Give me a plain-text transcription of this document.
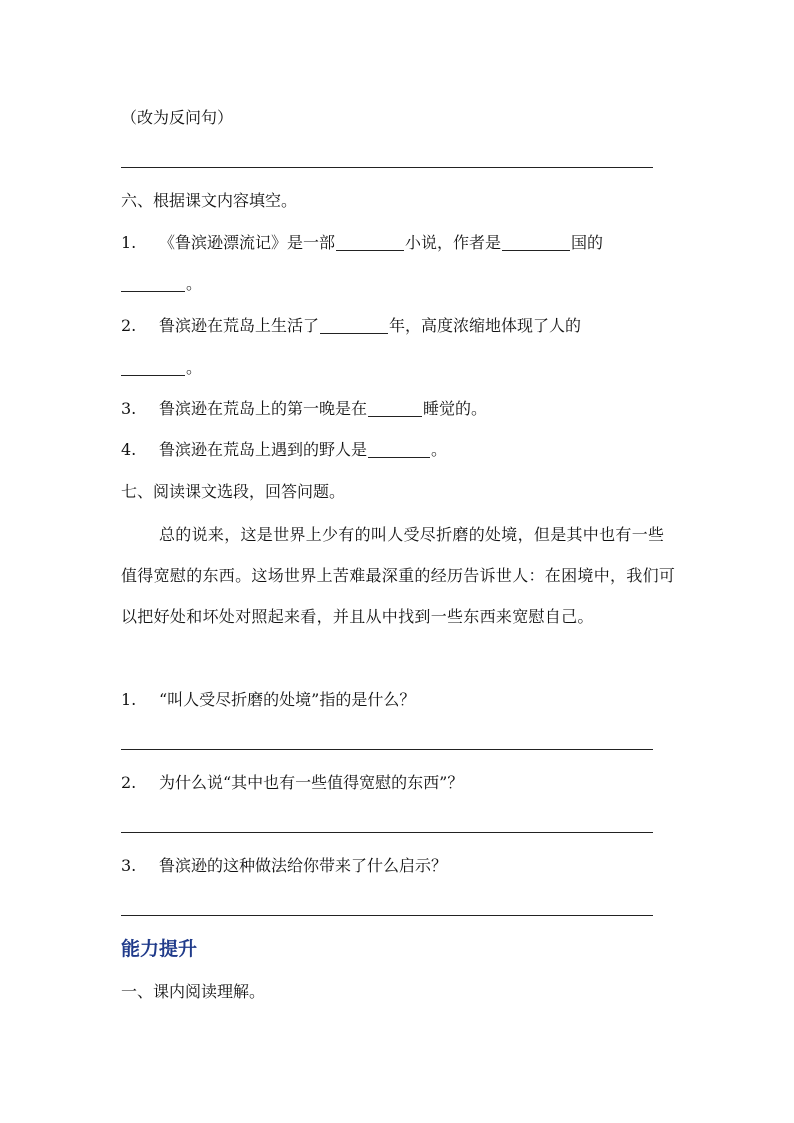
（改为反问句）
六、根据课文内容填空。
1. 《鲁滨逊漂流记》是一部	小说，作者是	国的
。
2. 鲁滨逊在荒岛上生活了	年，高度浓缩地体现了人的
。
3. 鲁滨逊在荒岛上的第一晚是在	睡觉的。
4. 鲁滨逊在荒岛上遇到的野人是	。
七、阅读课文选段，回答问题。
总的说来，这是世界上少有的叫人受尽折磨的处境，但是其中也有一些值得宽慰的东西。这场世界上苦难最深重的经历告诉世人：在困境中，我们可以把好处和坏处对照起来看，并且从中找到一些东西来宽慰自己。
1. “叫人受尽折磨的处境”指的是什么？
2. 为什么说“其中也有一些值得宽慰的东西”？
3. 鲁滨逊的这种做法给你带来了什么启示？
能力提升
一、课内阅读理解。
